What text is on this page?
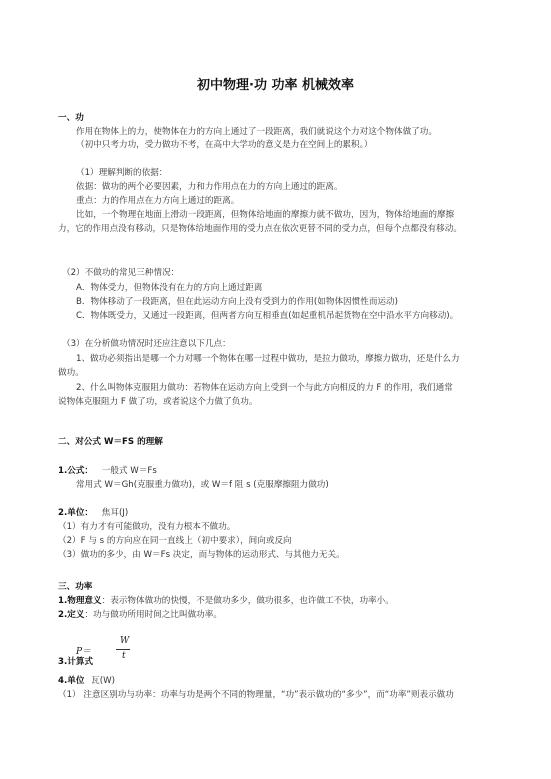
初中物理·功 功率 机械效率
一、功
作用在物体上的力，使物体在力的方向上通过了一段距离，我们就说这个力对这个物体做了功。
（初中只考力功，受力做功不考，在高中大学功的意义是力在空间上的累积。）
（1）理解判断的依据：
依据：做功的两个必要因素，力和力作用点在力的方向上通过的距离。
重点：力的作用点在力方向上通过的距离。
比如，一个物理在地面上滑动一段距离，但物体给地面的摩擦力就不做功，因为，物体给地面的摩擦
力，它的作用点没有移动，只是物体给地面作用的受力点在依次更替不同的受力点，但每个点都没有移动。
（2）不做功的常见三种情况：
A．物体受力，但物体没有在力的方向上通过距离
B．物体移动了一段距离，但在此运动方向上没有受到力的作用(如物体因惯性而运动)
C．物体既受力，又通过一段距离，但两者方向互相垂直(如起重机吊起货物在空中沿水平方向移动)。
（3）在分析做功情况时还应注意以下几点：
1、做功必须指出是哪一个力对哪一个物体在哪一过程中做功，是拉力做功，摩擦力做功，还是什么力
做功。
2、什么叫物体克服阻力做功：若物体在运动方向上受到一个与此方向相反的力 F 的作用，我们通常
说物体克服阻力 F 做了功，或者说这个力做了负功。
二、对公式 W＝FS 的理解
1.公式： 一般式 W＝Fs
常用式 W＝Gh(克服重力做功)，或 W＝f 阻 s (克服摩擦阻力做功)
2.单位： 焦耳(J)
（1）有力才有可能做功，没有力根本不做功。
（2）F 与 s 的方向应在同一直线上（初中要求），间向或反向
（3）做功的多少，由 W＝Fs 决定，而与物体的运动形式、与其他力无关。
三、功率
1.物理意义：表示物体做功的快慢，不是做功多少，做功很多，也许做工不快，功率小。
2.定义：功与做功所用时间之比叫做功率。
P＝
W
t
3.计算式
4.单位 瓦(W)
（1） 注意区别功与功率：功率与功是两个不同的物理量，“功”表示做功的“多少”，而“功率”则表示做功
